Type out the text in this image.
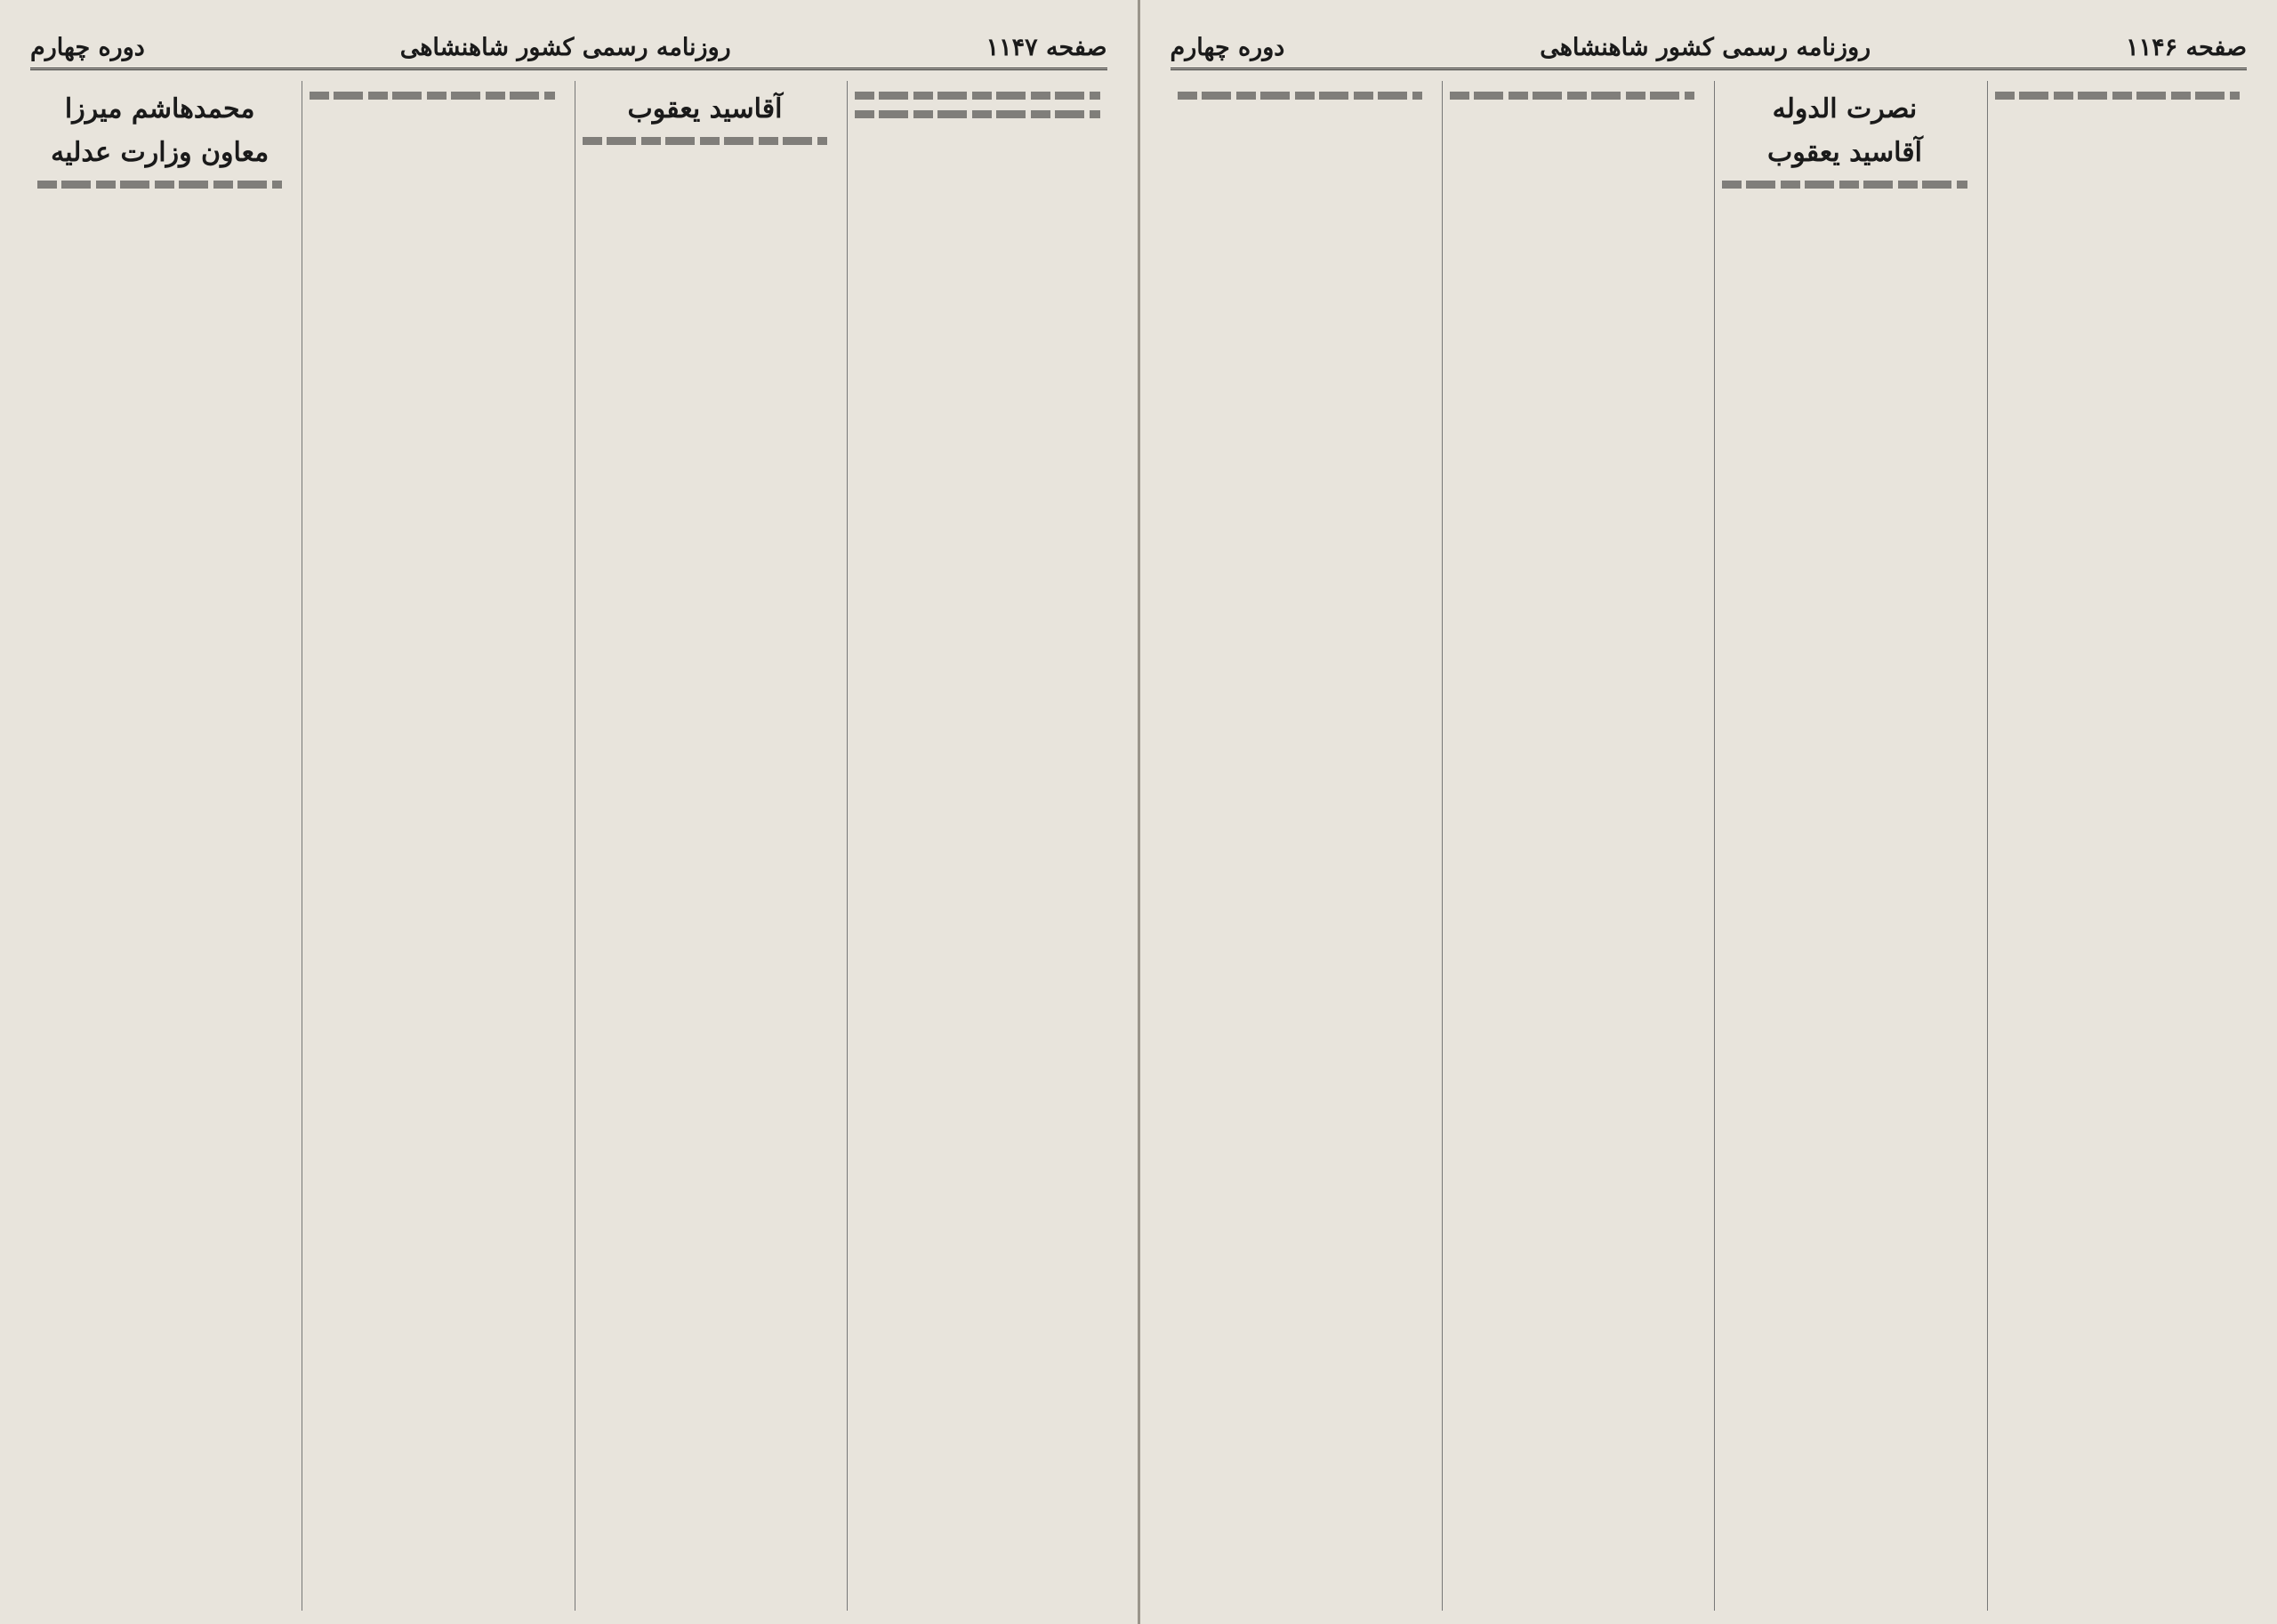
صفحه ۱۱۴۷
روزنامه رسمی کشور شاهنشاهی
دوره چهارم
آقاسید یعقوب
محمدهاشم میرزا
معاون وزارت عدلیه
صفحه ۱۱۴۶
روزنامه رسمی کشور شاهنشاهی
دوره چهارم
نصرت الدوله
آقاسید یعقوب
